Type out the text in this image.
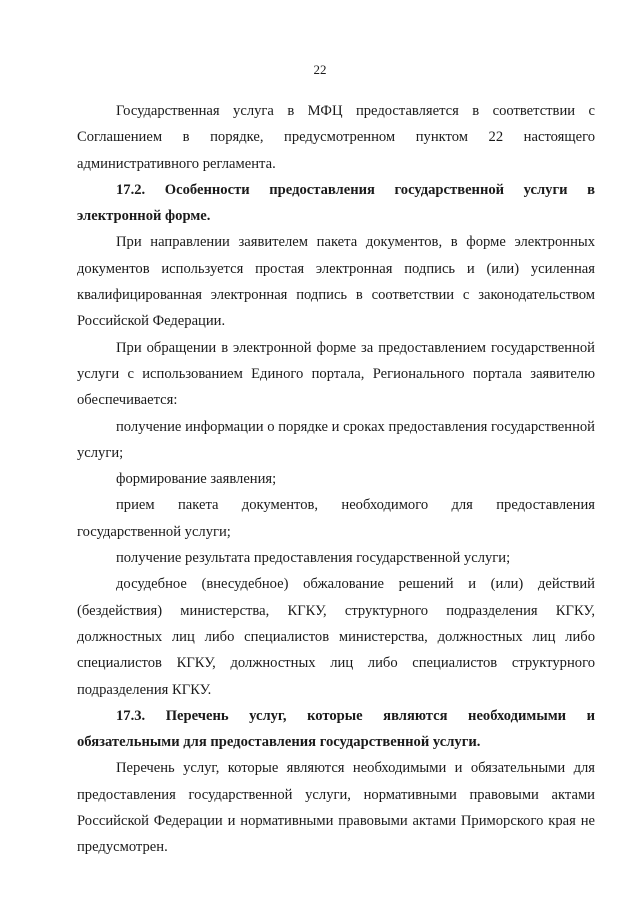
22

Государственная услуга в МФЦ предоставляется в соответствии с Соглашением в порядке, предусмотренном пунктом 22 настоящего административного регламента.

17.2. Особенности предоставления государственной услуги в электронной форме.

При направлении заявителем пакета документов, в форме электронных документов используется простая электронная подпись и (или) усиленная квалифицированная электронная подпись в соответствии с законодательством Российской Федерации.

При обращении в электронной форме за предоставлением государственной услуги с использованием Единого портала, Регионального портала заявителю обеспечивается:

получение информации о порядке и сроках предоставления государственной услуги;

формирование заявления;

прием пакета документов, необходимого для предоставления государственной услуги;

получение результата предоставления государственной услуги;

досудебное (внесудебное) обжалование решений и (или) действий (бездействия) министерства, КГКУ, структурного подразделения КГКУ, должностных лиц либо специалистов министерства, должностных лиц либо специалистов КГКУ, должностных лиц либо специалистов структурного подразделения КГКУ.

17.3. Перечень услуг, которые являются необходимыми и обязательными для предоставления государственной услуги.

Перечень услуг, которые являются необходимыми и обязательными для предоставления государственной услуги, нормативными правовыми актами Российской Федерации и нормативными правовыми актами Приморского края не предусмотрен.
